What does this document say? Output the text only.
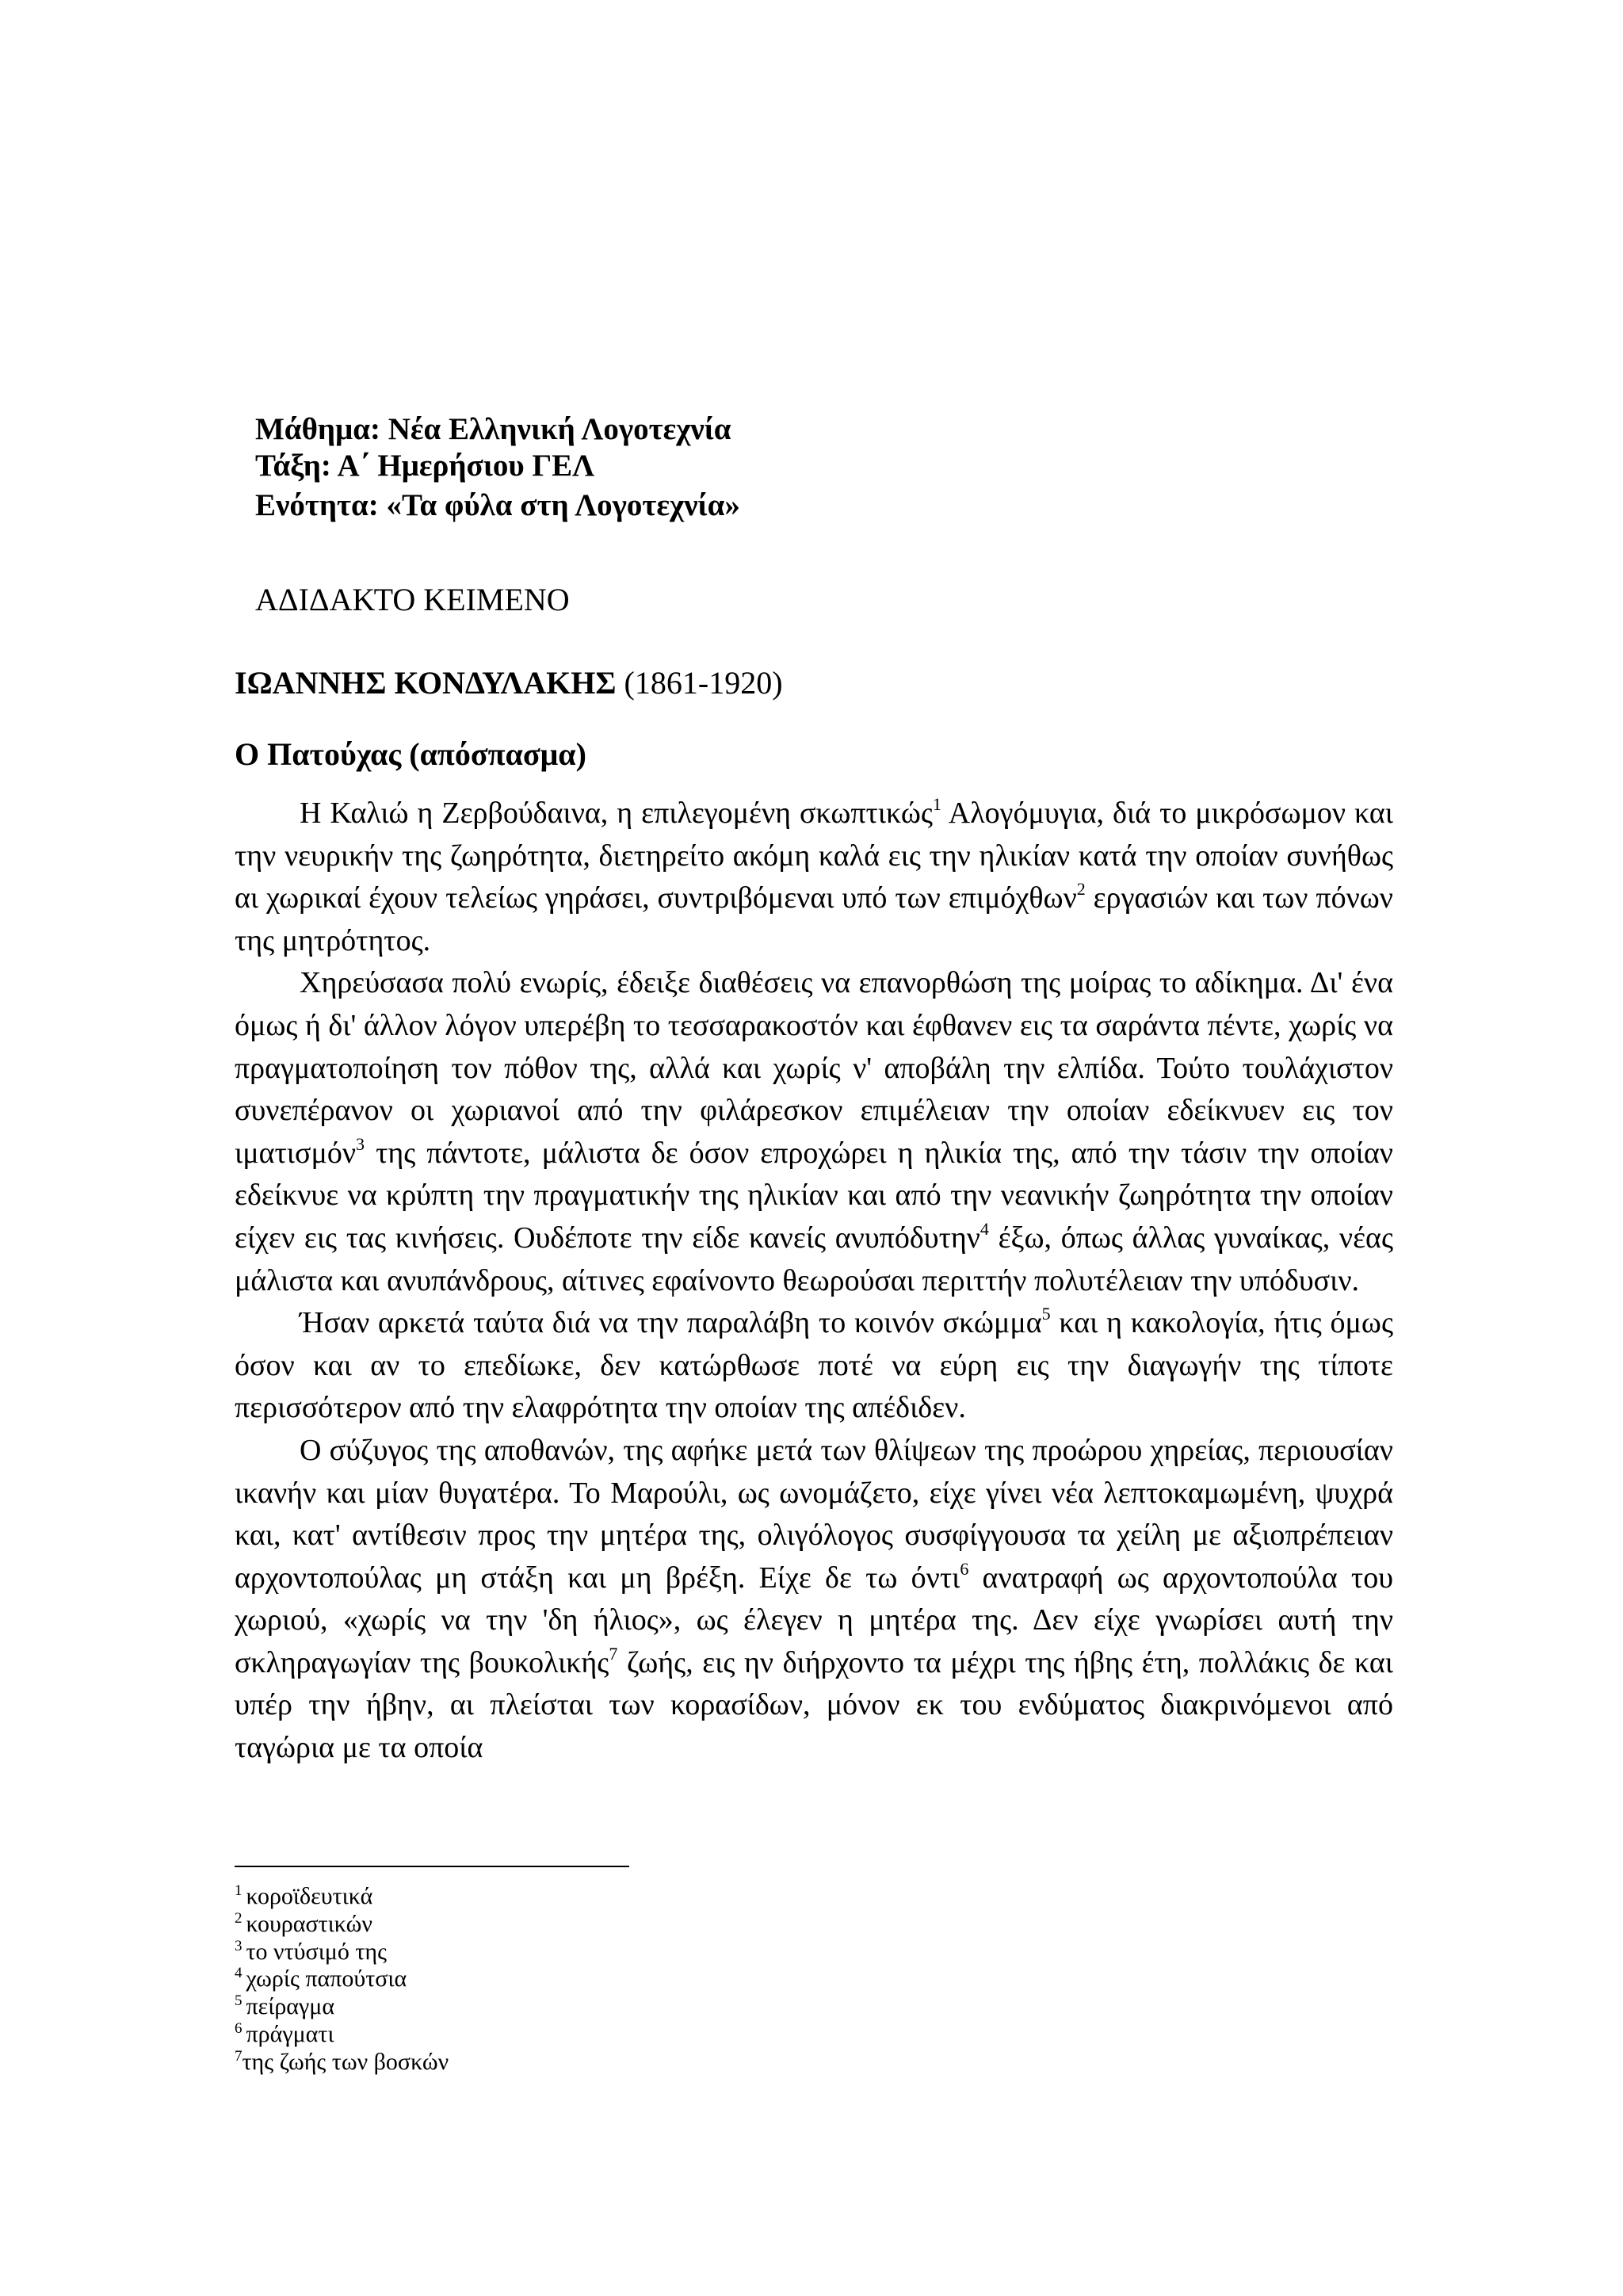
Μάθημα: Νέα Ελληνική Λογοτεχνία
Τάξη: Α΄ Ημερήσιου ΓΕΛ
Ενότητα: «Τα φύλα στη Λογοτεχνία»
ΑΔΙΔΑΚΤΟ ΚΕΙΜΕΝΟ
ΙΩΑΝΝΗΣ ΚΟΝΔΥΛΑΚΗΣ (1861-1920)
Ο Πατούχας (απόσπασμα)

Η Καλιώ η Ζερβούδαινα, η επιλεγομένη σκωπτικώς$^1$ Αλογόμυγια, διά το μικρόσωμον και την νευρικήν της ζωηρότητα, διετηρείτο ακόμη καλά εις την ηλικίαν κατά την οποίαν συνήθως αι χωρικαί έχουν τελείως γηράσει, συντριβόμεναι υπό των επιμόχθων$^2$ εργασιών και των πόνων της μητρότητος.

Χηρεύσασα πολύ ενωρίς, έδειξε διαθέσεις να επανορθώση της μοίρας το αδίκημα. Δι' ένα όμως ή δι' άλλον λόγον υπερέβη το τεσσαρακοστόν και έφθανεν εις τα σαράντα πέντε, χωρίς να πραγματοποίηση τον πόθον της, αλλά και χωρίς ν' αποβάλη την ελπίδα. Τούτο τουλάχιστον συνεπέρανον οι χωριανοί από την φιλάρεσκον επιμέλειαν την οποίαν εδείκνυεν εις τον ιματισμόν$^3$ της πάντοτε, μάλιστα δε όσον επροχώρει η ηλικία της, από την τάσιν την οποίαν εδείκνυε να κρύπτη την πραγματικήν της ηλικίαν και από την νεανικήν ζωηρότητα την οποίαν είχεν εις τας κινήσεις. Ουδέποτε την είδε κανείς ανυπόδυτην$^4$ έξω, όπως άλλας γυναίκας, νέας μάλιστα και ανυπάνδρους, αίτινες εφαίνοντο θεωρούσαι περιττήν πολυτέλειαν την υπόδυσιν.

Ήσαν αρκετά ταύτα διά να την παραλάβη το κοινόν σκώμμα$^5$ και η κακολογία, ήτις όμως όσον και αν το επεδίωκε, δεν κατώρθωσε ποτέ να εύρη εις την διαγωγήν της τίποτε περισσότερον από την ελαφρότητα την οποίαν της απέδιδεν.

Ο σύζυγος της αποθανών, της αφήκε μετά των θλίψεων της προώρου χηρείας, περιουσίαν ικανήν και μίαν θυγατέρα. Το Μαρούλι, ως ωνομάζετο, είχε γίνει νέα λεπτοκαμωμένη, ψυχρά και, κατ' αντίθεσιν προς την μητέρα της, ολιγόλογος συσφίγγουσα τα χείλη με αξιοπρέπειαν αρχοντοπούλας μη στάξη και μη βρέξη. Είχε δε τω όντι$^6$ ανατραφή ως αρχοντοπούλα του χωριού, «χωρίς να την 'δη ήλιος», ως έλεγεν η μητέρα της. Δεν είχε γνωρίσει αυτή την σκληραγωγίαν της βουκολικής$^7$ ζωής, εις ην διήρχοντο τα μέχρι της ήβης έτη, πολλάκις δε και υπέρ την ήβην, αι πλείσται των κορασίδων, μόνον εκ του ενδύματος διακρινόμενοι από ταγώρια με τα οποία

$^1$ κοροϊδευτικά
$^2$ κουραστικών
$^3$ το ντύσιμό της
$^4$ χωρίς παπούτσια
$^5$ πείραγμα
$^6$ πράγματι
$^7$της ζωής των βοσκών
